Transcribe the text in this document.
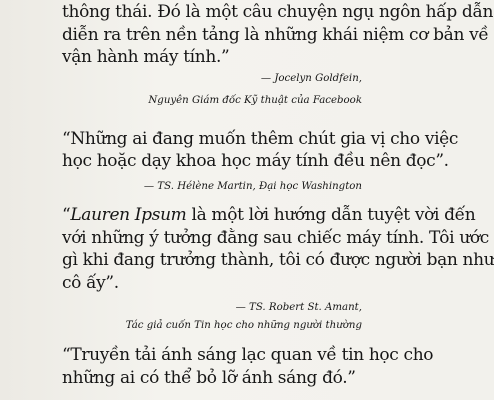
thông thái. Đó là một câu chuyện ngụ ngôn hấp dẫn
diễn ra trên nền tảng là những khái niệm cơ bản về
vận hành máy tính.”
— Jocelyn Goldfein,
Nguyên Giám đốc Kỹ thuật của Facebook
“Những ai đang muốn thêm chút gia vị cho việc
học hoặc dạy khoa học máy tính đều nên đọc”.
— TS. Hélène Martin, Đại học Washington
“Lauren Ipsum là một lời hướng dẫn tuyệt vời đến
với những ý tưởng đằng sau chiếc máy tính. Tôi ước
gì khi đang trưởng thành, tôi có được người bạn như
cô ấy”.
— TS. Robert St. Amant,
Tác giả cuốn Tin học cho những người thường
“Truyền tải ánh sáng lạc quan về tin học cho
những ai có thể bỏ lỡ ánh sáng đó.”
